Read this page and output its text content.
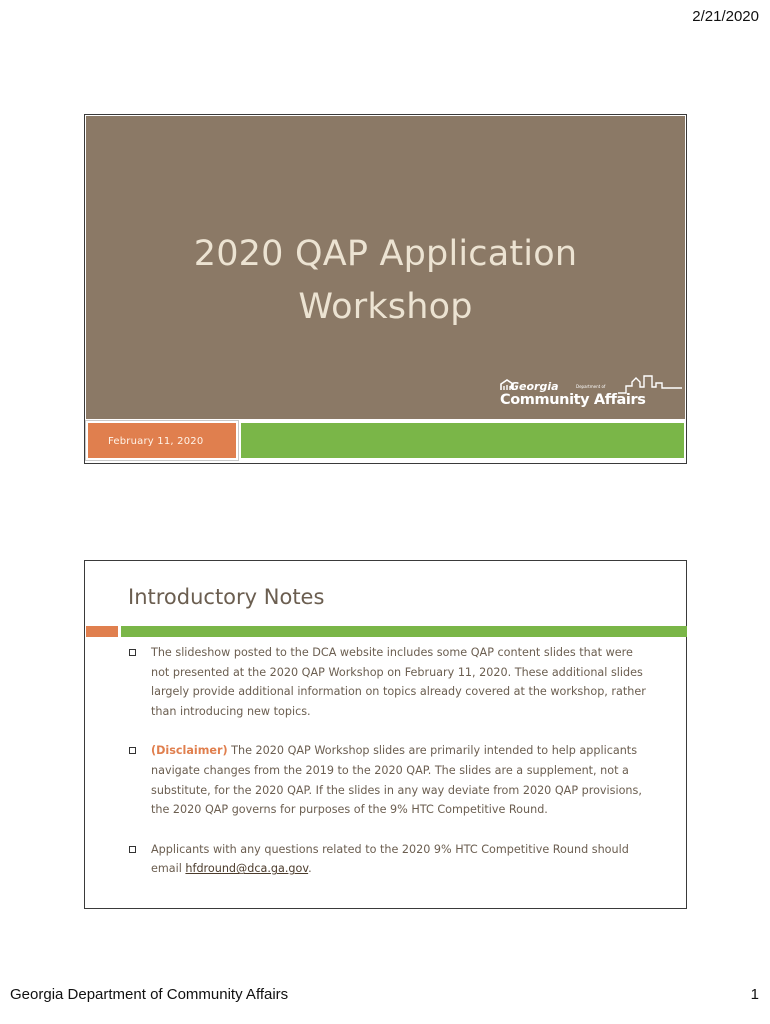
2/21/2020
2020 QAP Application
Workshop
Georgia	Department of
Community Affairs
February 11, 2020
Introductory Notes
The slideshow posted to the DCA website includes some QAP content slides that were not presented at the 2020 QAP Workshop on February 11, 2020. These additional slides largely provide additional information on topics already covered at the workshop, rather than introducing new topics.
(Disclaimer) The 2020 QAP Workshop slides are primarily intended to help applicants navigate changes from the 2019 to the 2020 QAP. The slides are a supplement, not a substitute, for the 2020 QAP. If the slides in any way deviate from 2020 QAP provisions, the 2020 QAP governs for purposes of the 9% HTC Competitive Round.
Applicants with any questions related to the 2020 9% HTC Competitive Round should email hfdround@dca.ga.gov.
Georgia Department of Community Affairs	1
